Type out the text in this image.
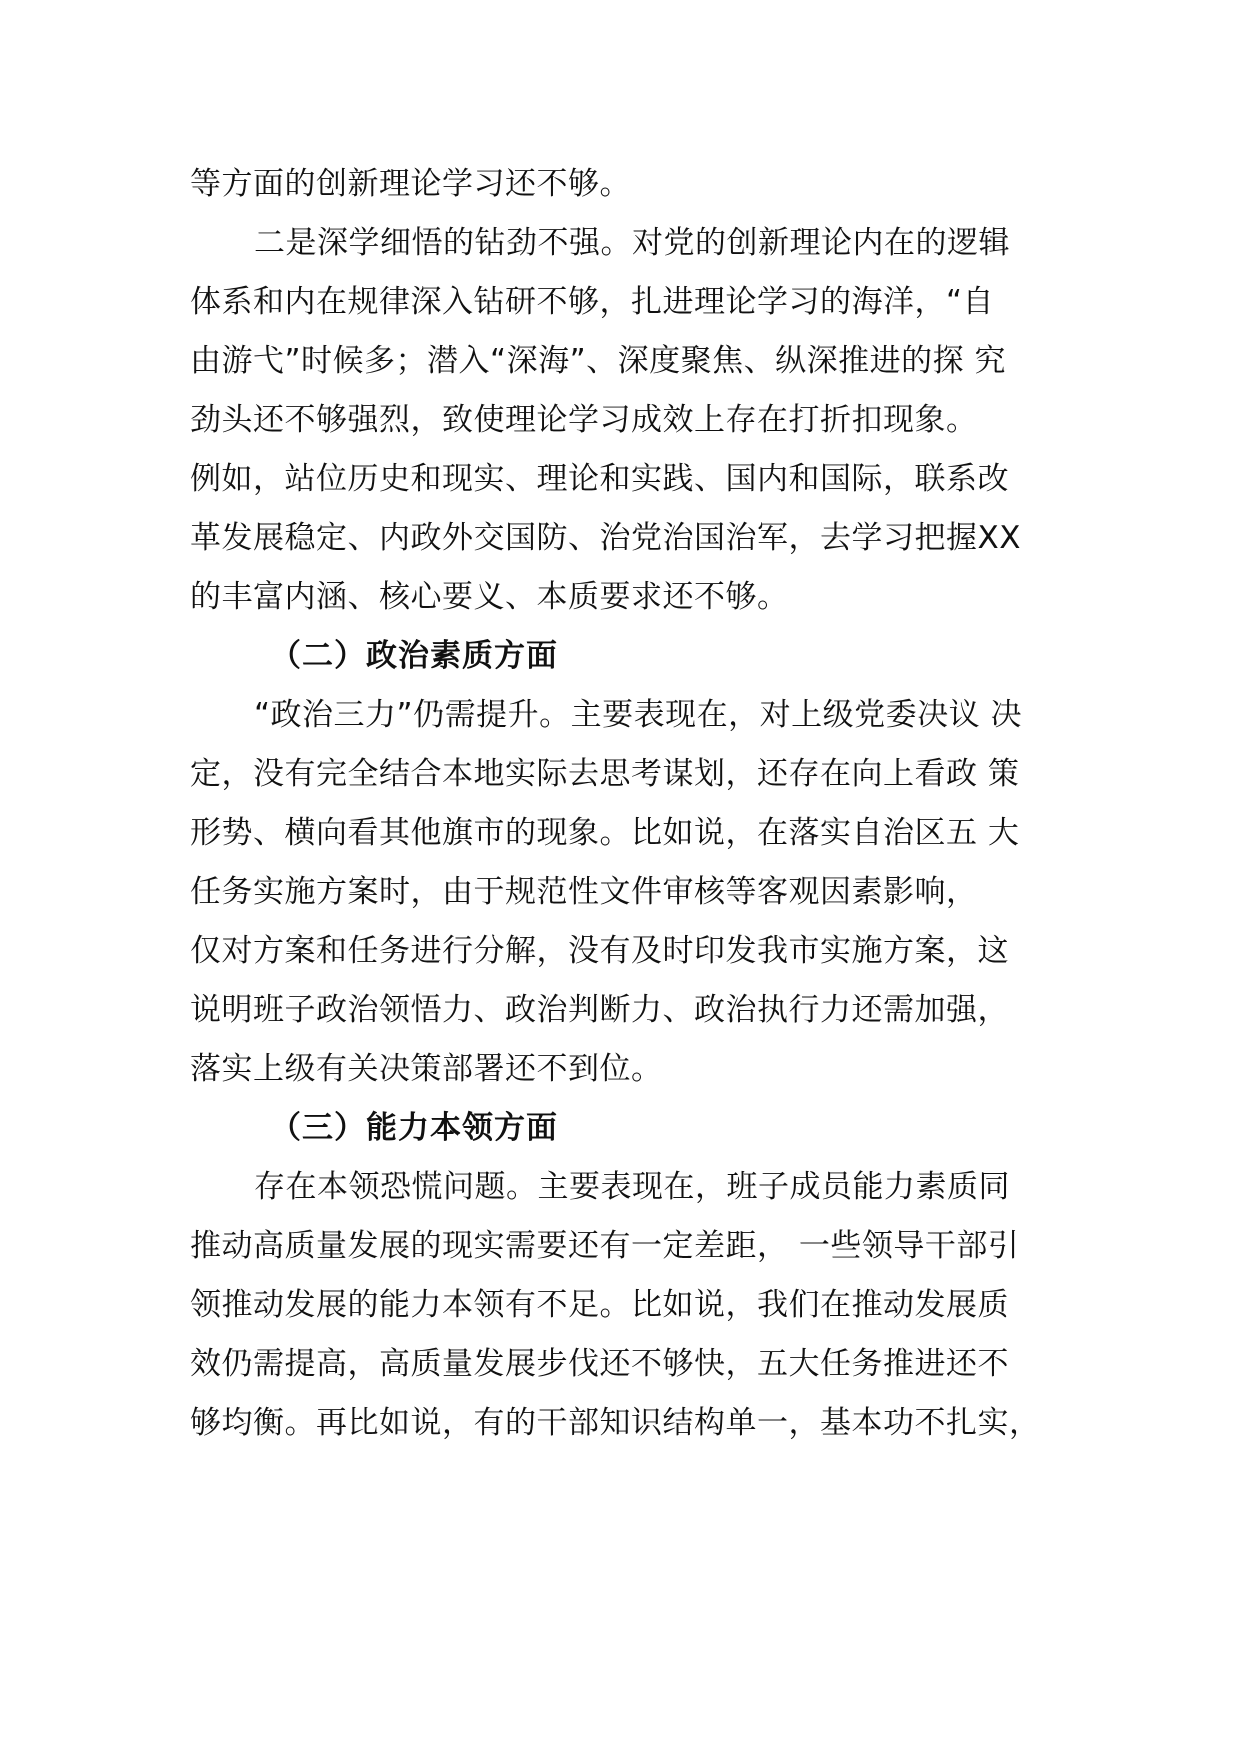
等方面的创新理论学习还不够。
二是深学细悟的钻劲不强。对党的创新理论内在的逻辑
体系和内在规律深入钻研不够，扎进理论学习的海洋，“自
由游弋”时候多；潜入“深海”、深度聚焦、纵深推进的探 究
劲头还不够强烈，致使理论学习成效上存在打折扣现象。
例如，站位历史和现实、理论和实践、国内和国际，联系改
革发展稳定、内政外交国防、治党治国治军，去学习把握XX
的丰富内涵、核心要义、本质要求还不够。
（二）政治素质方面
“政治三力”仍需提升。主要表现在，对上级党委决议 决
定，没有完全结合本地实际去思考谋划，还存在向上看政 策
形势、横向看其他旗市的现象。比如说，在落实自治区五 大
任务实施方案时，由于规范性文件审核等客观因素影响，
仅对方案和任务进行分解，没有及时印发我市实施方案，这
说明班子政治领悟力、政治判断力、政治执行力还需加强，
落实上级有关决策部署还不到位。
（三）能力本领方面
存在本领恐慌问题。主要表现在，班子成员能力素质同
推动高质量发展的现实需要还有一定差距， 一些领导干部引
领推动发展的能力本领有不足。比如说，我们在推动发展质
效仍需提高，高质量发展步伐还不够快，五大任务推进还不
够均衡。再比如说，有的干部知识结构单一，基本功不扎实，
